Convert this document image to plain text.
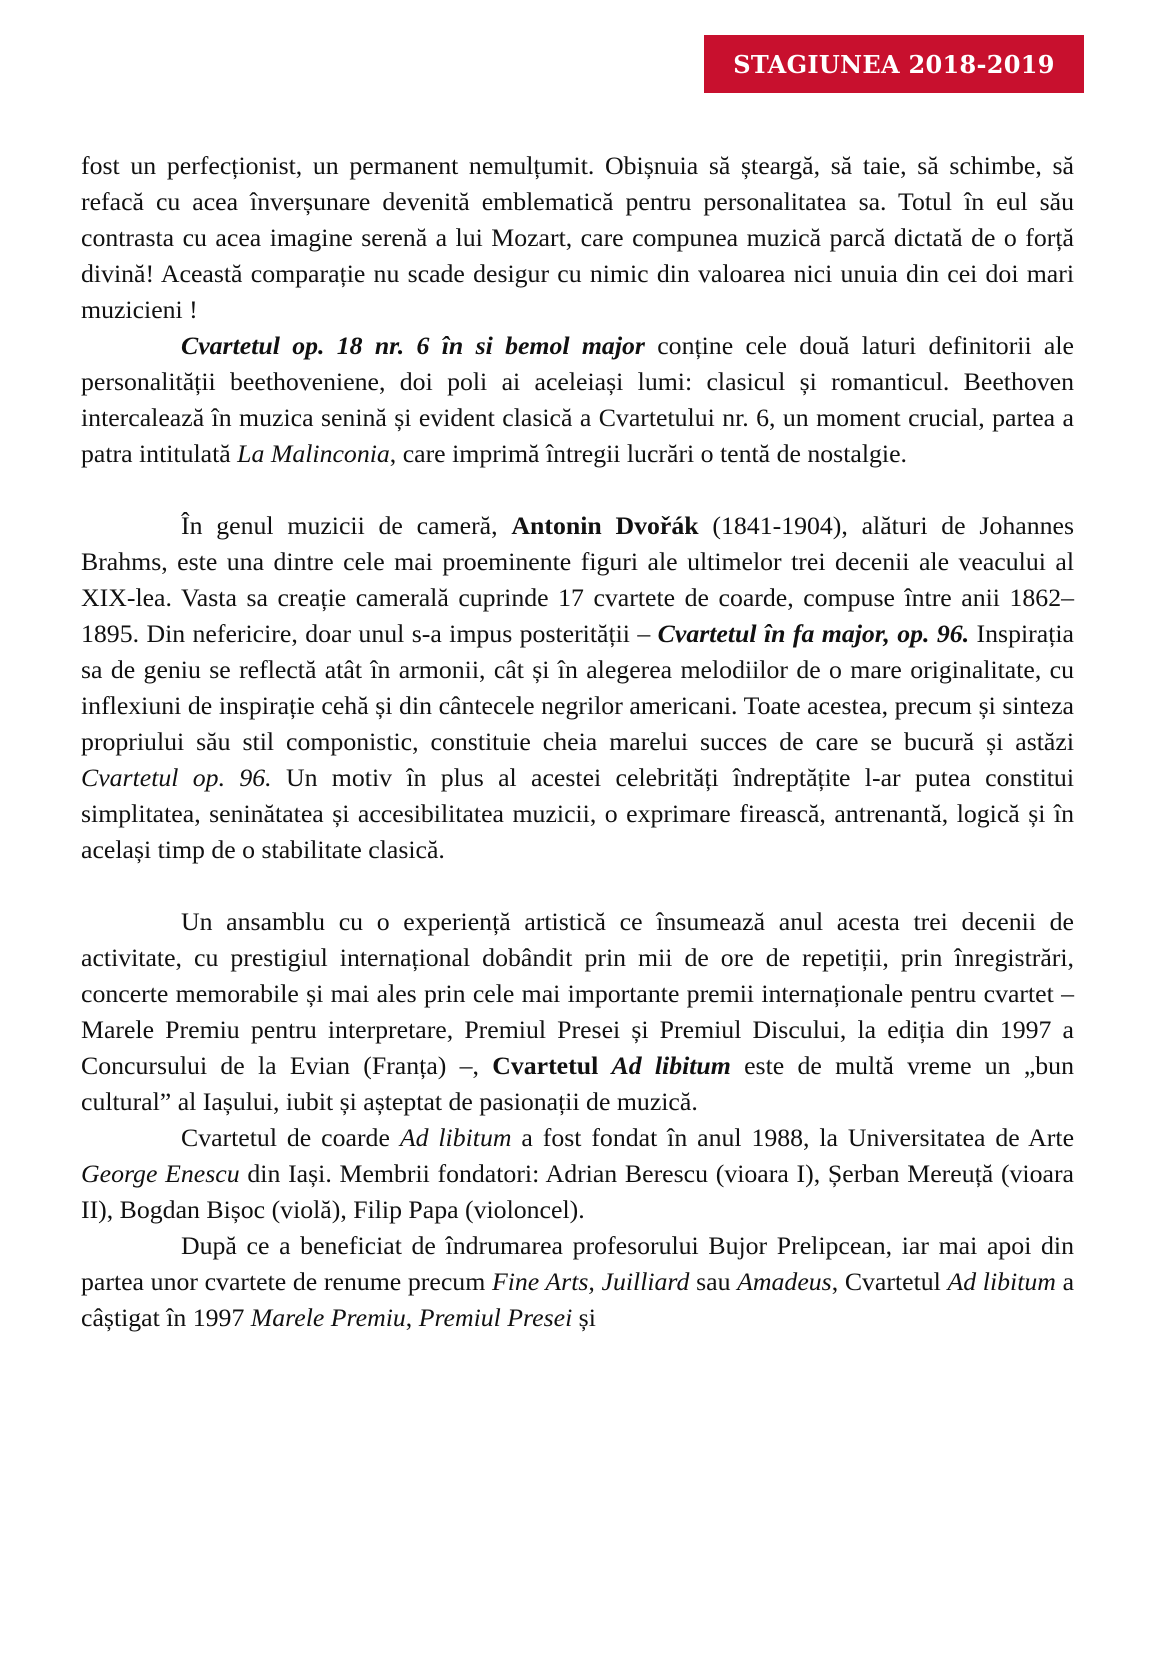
STAGIUNEA 2018-2019

fost un perfecționist, un permanent nemulțumit. Obișnuia să șteargă, să taie, să schimbe, să refacă cu acea înverșunare devenită emblematică pentru personalitatea sa. Totul în eul său contrasta cu acea imagine serenă a lui Mozart, care compunea muzică parcă dictată de o forță divină! Această comparație nu scade desigur cu nimic din valoarea nici unuia din cei doi mari muzicieni !

Cvartetul op. 18 nr. 6 în si bemol major conține cele două laturi definitorii ale personalității beethoveniene, doi poli ai aceleiași lumi: clasicul și romanticul. Beethoven intercalează în muzica senină și evident clasică a Cvartetului nr. 6, un moment crucial, partea a patra intitulată La Malinconia, care imprimă întregii lucrări o tentă de nostalgie.

În genul muzicii de cameră, Antonin Dvořák (1841-1904), alături de Johannes Brahms, este una dintre cele mai proeminente figuri ale ultimelor trei decenii ale veacului al XIX-lea. Vasta sa creație camerală cuprinde 17 cvartete de coarde, compuse între anii 1862–1895. Din nefericire, doar unul s-a impus posterității – Cvartetul în fa major, op. 96. Inspirația sa de geniu se reflectă atât în armonii, cât și în alegerea melodiilor de o mare originalitate, cu inflexiuni de inspirație cehă și din cântecele negrilor americani. Toate acestea, precum și sinteza propriului său stil componistic, constituie cheia marelui succes de care se bucură și astăzi Cvartetul op. 96. Un motiv în plus al acestei celebrități îndreptățite l-ar putea constitui simplitatea, seninătatea și accesibilitatea muzicii, o exprimare firească, antrenantă, logică și în același timp de o stabilitate clasică.

Un ansamblu cu o experiență artistică ce însumează anul acesta trei decenii de activitate, cu prestigiul internațional dobândit prin mii de ore de repetiții, prin înregistrări, concerte memorabile și mai ales prin cele mai importante premii internaționale pentru cvartet – Marele Premiu pentru interpretare, Premiul Presei și Premiul Discului, la ediția din 1997 a Concursului de la Evian (Franța) –, Cvartetul Ad libitum este de multă vreme un „bun cultural” al Iașului, iubit și așteptat de pasionații de muzică.

Cvartetul de coarde Ad libitum a fost fondat în anul 1988, la Universitatea de Arte George Enescu din Iași. Membrii fondatori: Adrian Berescu (vioara I), Șerban Mereuță (vioara II), Bogdan Bișoc (violă), Filip Papa (violoncel).

După ce a beneficiat de îndrumarea profesorului Bujor Prelipcean, iar mai apoi din partea unor cvartete de renume precum Fine Arts, Juilliard sau Amadeus, Cvartetul Ad libitum a câștigat în 1997 Marele Premiu, Premiul Presei și
